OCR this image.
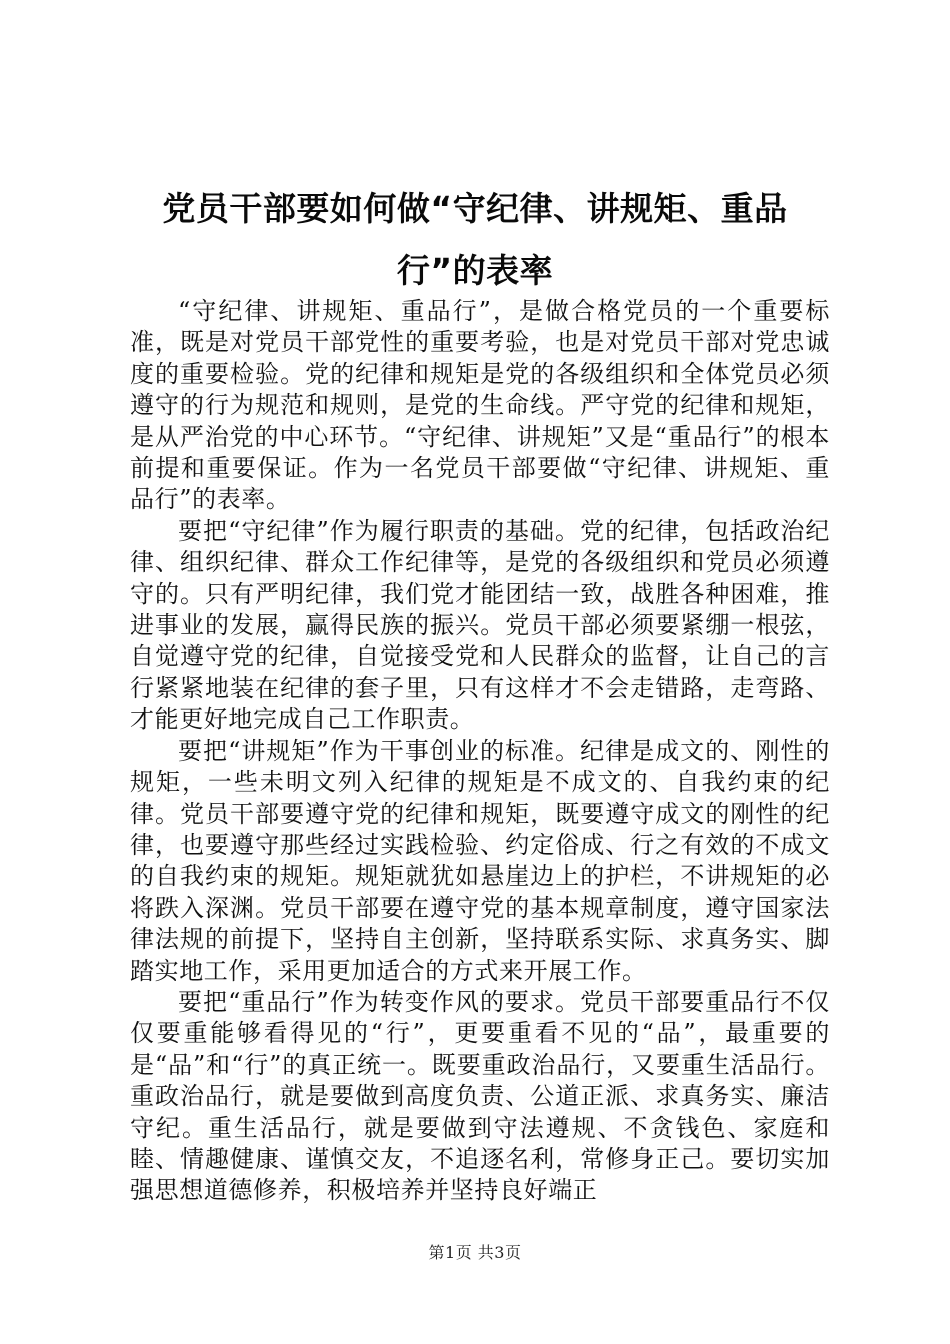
党员干部要如何做“守纪律、讲规矩、重品
行”的表率

“守纪律、讲规矩、重品行”，是做合格党员的一个重要标准，既是对党员干部党性的重要考验，也是对党员干部对党忠诚度的重要检验。党的纪律和规矩是党的各级组织和全体党员必须遵守的行为规范和规则，是党的生命线。严守党的纪律和规矩，是从严治党的中心环节。“守纪律、讲规矩”又是“重品行”的根本前提和重要保证。作为一名党员干部要做“守纪律、讲规矩、重品行”的表率。

要把“守纪律”作为履行职责的基础。党的纪律，包括政治纪律、组织纪律、群众工作纪律等，是党的各级组织和党员必须遵守的。只有严明纪律，我们党才能团结一致，战胜各种困难，推进事业的发展，赢得民族的振兴。党员干部必须要紧绷一根弦，自觉遵守党的纪律，自觉接受党和人民群众的监督，让自己的言行紧紧地装在纪律的套子里，只有这样才不会走错路，走弯路、才能更好地完成自己工作职责。

要把“讲规矩”作为干事创业的标准。纪律是成文的、刚性的规矩，一些未明文列入纪律的规矩是不成文的、自我约束的纪律。党员干部要遵守党的纪律和规矩，既要遵守成文的刚性的纪律，也要遵守那些经过实践检验、约定俗成、行之有效的不成文的自我约束的规矩。规矩就犹如悬崖边上的护栏，不讲规矩的必将跌入深渊。党员干部要在遵守党的基本规章制度，遵守国家法律法规的前提下，坚持自主创新，坚持联系实际、求真务实、脚踏实地工作，采用更加适合的方式来开展工作。

要把“重品行”作为转变作风的要求。党员干部要重品行不仅仅要重能够看得见的“行”，更要重看不见的“品”，最重要的是“品”和“行”的真正统一。既要重政治品行，又要重生活品行。重政治品行，就是要做到高度负责、公道正派、求真务实、廉洁守纪。重生活品行，就是要做到守法遵规、不贪钱色、家庭和睦、情趣健康、谨慎交友，不追逐名利，常修身正己。要切实加强思想道德修养，积极培养并坚持良好端正

第1页 共3页
